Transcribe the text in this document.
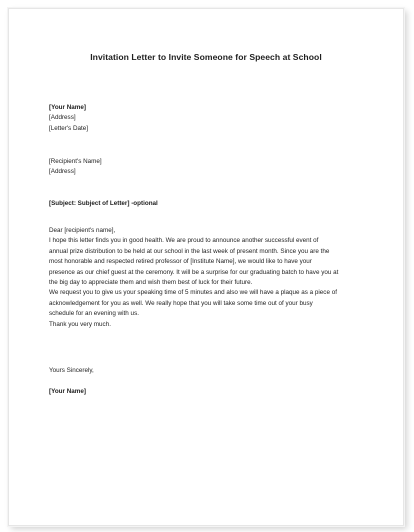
Invitation Letter to Invite Someone for Speech at School
[Your Name]
[Address]
[Letter's Date]
[Recipient's Name]
[Address]
[Subject: Subject of Letter] -optional
Dear [recipient's name],
I hope this letter finds you in good health. We are proud to announce another successful event of
annual prize distribution to be held at our school in the last week of present month. Since you are the
most honorable and respected retired professor of [Institute Name], we would like to have your
presence as our chief guest at the ceremony. It will be a surprise for our graduating batch to have you at
the big day to appreciate them and wish them best of luck for their future.
We request you to give us your speaking time of 5 minutes and also we will have a plaque as a piece of
acknowledgement for you as well. We really hope that you will take some time out of your busy
schedule for an evening with us.
Thank you very much.
Yours Sincerely,

[Your Name]
